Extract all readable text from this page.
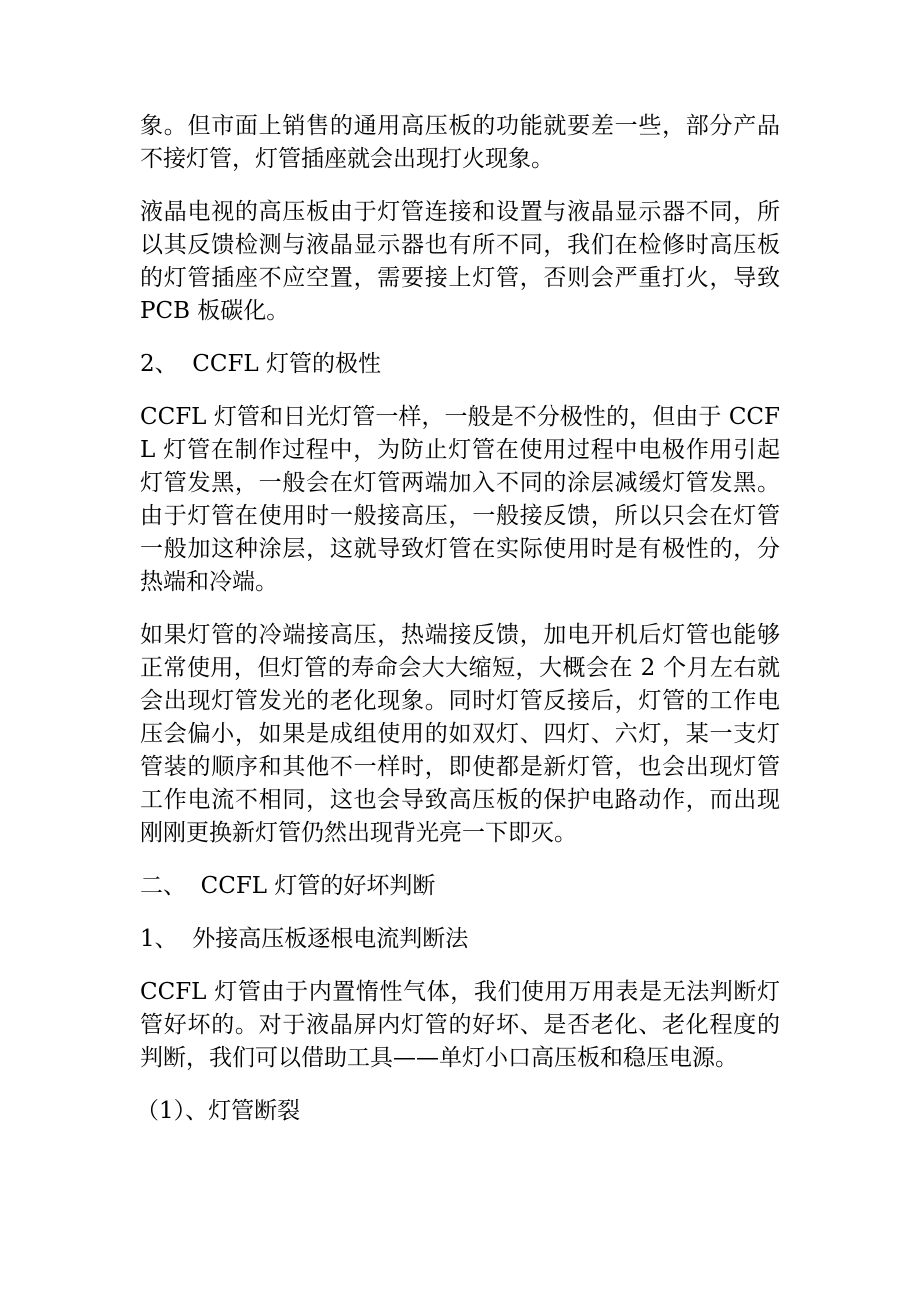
象。但市面上销售的通用高压板的功能就要差一些，部分产品不接灯管，灯管插座就会出现打火现象。

液晶电视的高压板由于灯管连接和设置与液晶显示器不同，所以其反馈检测与液晶显示器也有所不同，我们在检修时高压板的灯管插座不应空置，需要接上灯管，否则会严重打火，导致 PCB 板碳化。

2、  CCFL 灯管的极性

CCFL 灯管和日光灯管一样，一般是不分极性的，但由于 CCFL 灯管在制作过程中，为防止灯管在使用过程中电极作用引起灯管发黑，一般会在灯管两端加入不同的涂层减缓灯管发黑。由于灯管在使用时一般接高压，一般接反馈，所以只会在灯管一般加这种涂层，这就导致灯管在实际使用时是有极性的，分热端和冷端。

如果灯管的冷端接高压，热端接反馈，加电开机后灯管也能够正常使用，但灯管的寿命会大大缩短，大概会在 2 个月左右就会出现灯管发光的老化现象。同时灯管反接后，灯管的工作电压会偏小，如果是成组使用的如双灯、四灯、六灯，某一支灯管装的顺序和其他不一样时，即使都是新灯管，也会出现灯管工作电流不相同，这也会导致高压板的保护电路动作，而出现刚刚更换新灯管仍然出现背光亮一下即灭。

二、  CCFL 灯管的好坏判断

1、  外接高压板逐根电流判断法

CCFL 灯管由于内置惰性气体，我们使用万用表是无法判断灯管好坏的。对于液晶屏内灯管的好坏、是否老化、老化程度的判断，我们可以借助工具——单灯小口高压板和稳压电源。

（1）、灯管断裂
